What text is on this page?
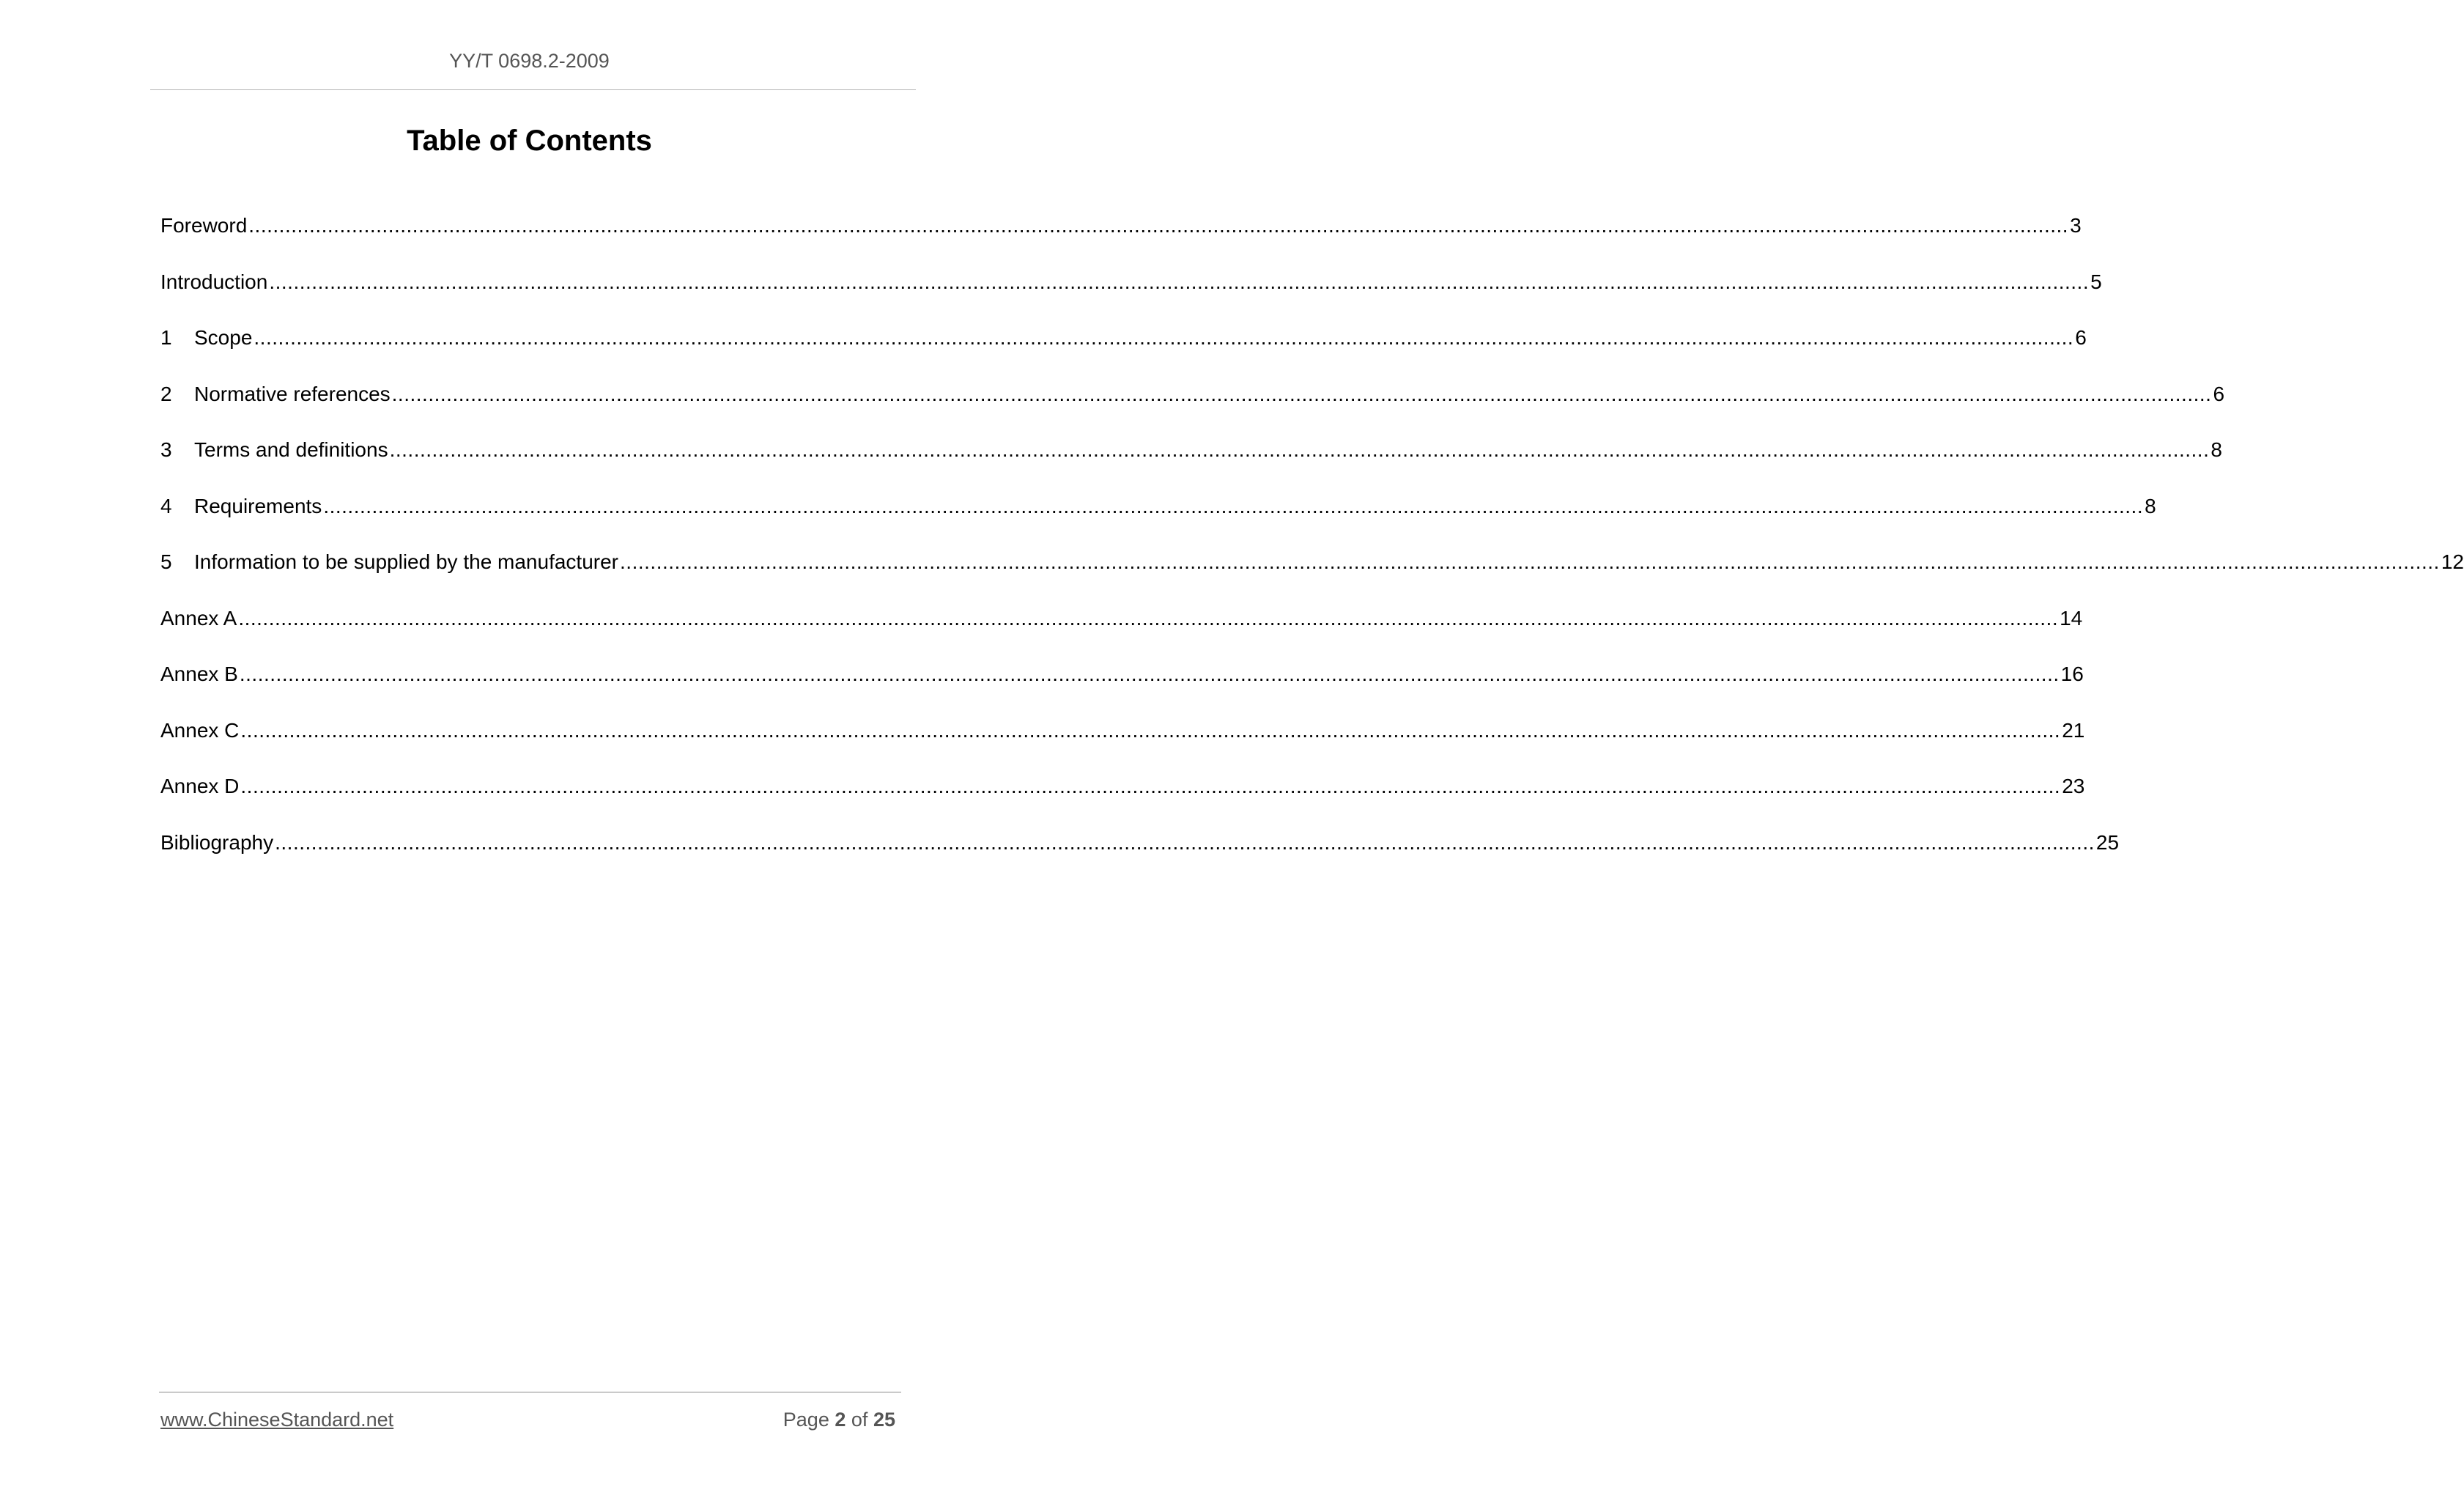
YY/T 0698.2-2009
Table of Contents
Foreword ............................................................................................................................................................................................................................................................................................................ 3
Introduction ............................................................................................................................................................................................................................................................................................................ 5
1	Scope ............................................................................................................................................................................................................................................................................................................ 6
2	Normative references ............................................................................................................................................................................................................................................................................................................ 6
3	Terms and definitions ............................................................................................................................................................................................................................................................................................................ 8
4	Requirements ............................................................................................................................................................................................................................................................................................................ 8
5	Information to be supplied by the manufacturer ............................................................................................................................................................................................................................................................................................................ 12
Annex A ............................................................................................................................................................................................................................................................................................................ 14
Annex B ............................................................................................................................................................................................................................................................................................................ 16
Annex C ............................................................................................................................................................................................................................................................................................................ 21
Annex D ............................................................................................................................................................................................................................................................................................................ 23
Bibliography ............................................................................................................................................................................................................................................................................................................ 25
www.ChineseStandard.net	Page 2 of 25
